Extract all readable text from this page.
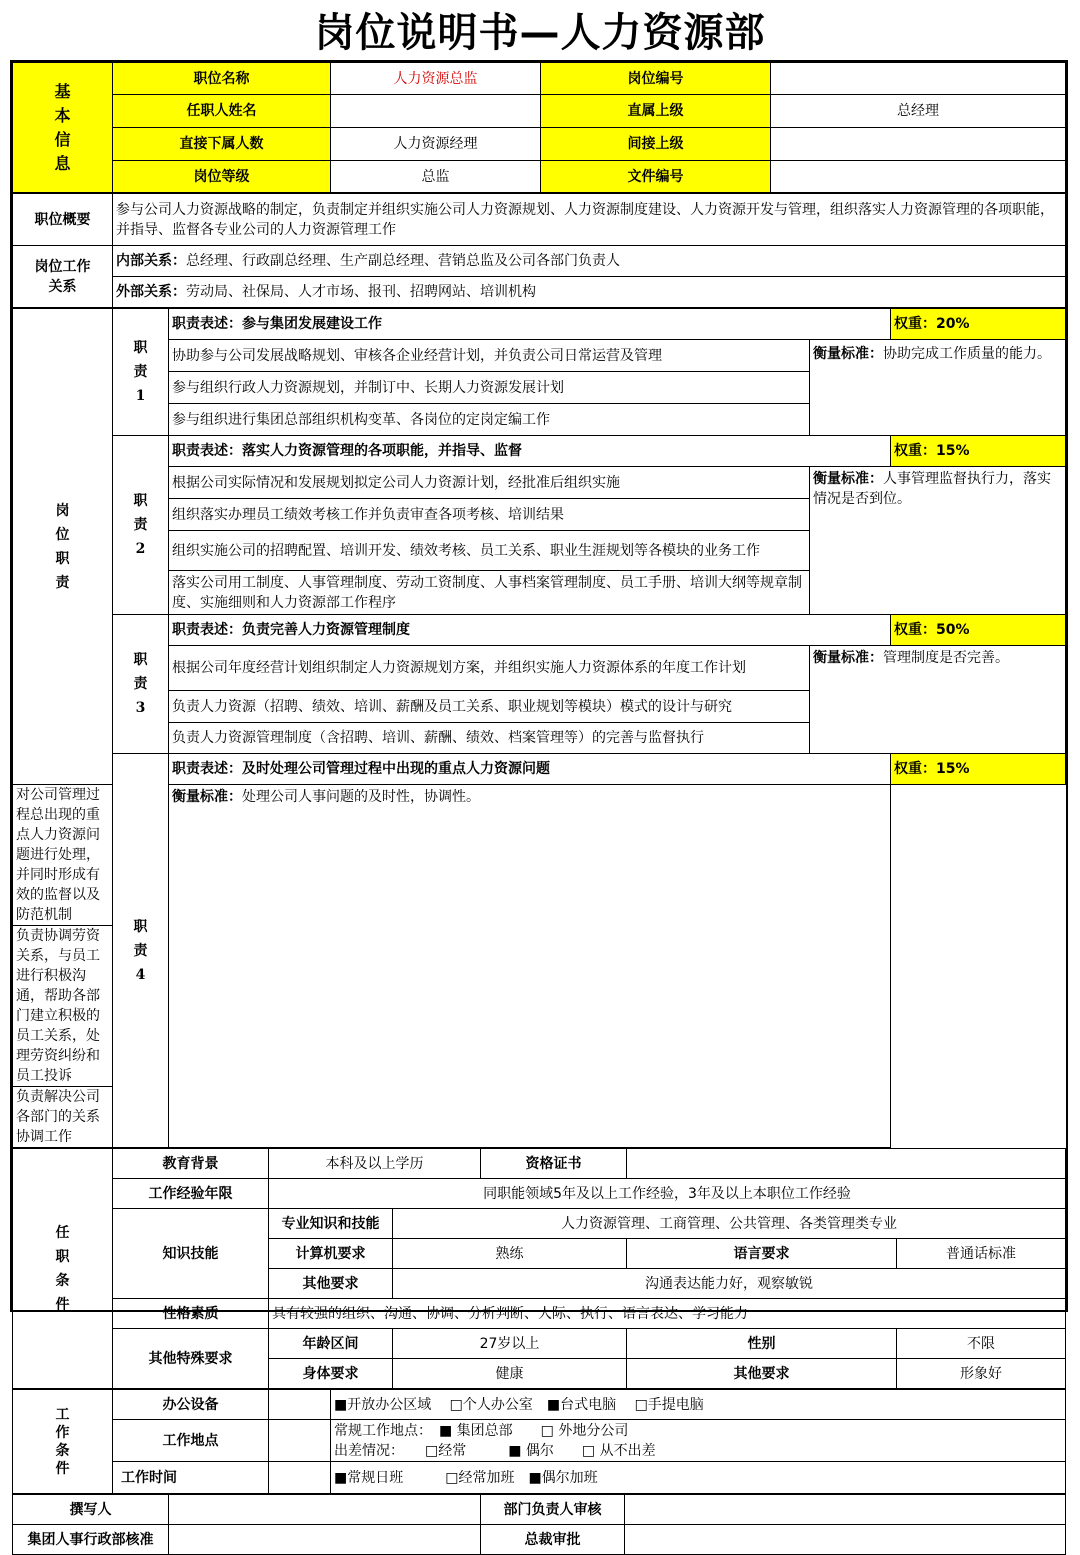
岗位说明书—人力资源部
基本信息	职位名称	人力资源总监	岗位编号	
	任职人姓名		直属上级	总经理
	直接下属人数	人力资源经理	间接上级	
	岗位等级	总监	文件编号	
职位概要	参与公司人力资源战略的制定，负责制定并组织实施公司人力资源规划、人力资源制度建设、人力资源开发与管理，组织落实人力资源管理的各项职能，并指导、监督各专业公司的人力资源管理工作
岗位工作关系	内部关系：总经理、行政副总经理、生产副总经理、营销总监及公司各部门负责人
	外部关系：劳动局、社保局、人才市场、报刊、招聘网站、培训机构
岗位职责	职责1	职责表述：参与集团发展建设工作		权重：20%
		协助参与公司发展战略规划、审核各企业经营计划，并负责公司日常运营及管理	衡量标准：协助完成工作质量的能力。	
		参与组织行政人力资源规划，并制订中、长期人力资源发展计划		
		参与组织进行集团总部组织机构变革、各岗位的定岗定编工作		
	职责2	职责表述：落实人力资源管理的各项职能，并指导、监督		权重：15%
		根据公司实际情况和发展规划拟定公司人力资源计划，经批准后组织实施	衡量标准：人事管理监督执行力，落实情况是否到位。	
		组织落实办理员工绩效考核工作并负责审查各项考核、培训结果		
		组织实施公司的招聘配置、培训开发、绩效考核、员工关系、职业生涯规划等各模块的业务工作		
		落实公司用工制度、人事管理制度、劳动工资制度、人事档案管理制度、员工手册、培训大纲等规章制度、实施细则和人力资源部工作程序		
	职责3	职责表述：负责完善人力资源管理制度		权重：50%
		根据公司年度经营计划组织制定人力资源规划方案，并组织实施人力资源体系的年度工作计划	衡量标准：管理制度是否完善。	
		负责人力资源（招聘、绩效、培训、薪酬及员工关系、职业规划等模块）模式的设计与研究		
		负责人力资源管理制度（含招聘、培训、薪酬、绩效、档案管理等）的完善与监督执行		
	职责4	职责表述：及时处理公司管理过程中出现的重点人力资源问题		权重：15%
对公司管理过程总出现的重点人力资源问题进行处理，并同时形成有效的监督以及防范机制		衡量标准：处理公司人事问题的及时性，协调性。		
负责协调劳资关系，与员工进行积极沟通，帮助各部门建立积极的员工关系，处理劳资纠纷和员工投诉				
负责解决公司各部门的关系协调工作				
任职条件	教育背景	本科及以上学历		资格证书		
	工作经验年限	同职能领域5年及以上工作经验，3年及以上本职位工作经验				
	知识技能	专业知识和技能	人力资源管理、工商管理、公共管理、各类管理类专业			
		计算机要求	熟练		语言要求	普通话标准
		其他要求	沟通表达能力好，观察敏锐			
	性格素质	具有较强的组织、沟通、协调、分析判断、人际、执行、语言表达、学习能力				
	其他特殊要求	年龄区间	27岁以上		性别	不限
		身体要求	健康		其他要求	形象好
工作条件	办公设备		■开放办公区域　 □个人办公室　■台式电脑　 □手提电脑
	工作地点		常规工作地点：　■ 集团总部　　□ 外地分公司
出差情况：　　□经常　　　■ 偶尔　　□ 从不出差

	工作时间		■常规日班　　　□经常加班　■偶尔加班
撰写人		部门负责人审核	
集团人事行政部核准		总裁审批	
